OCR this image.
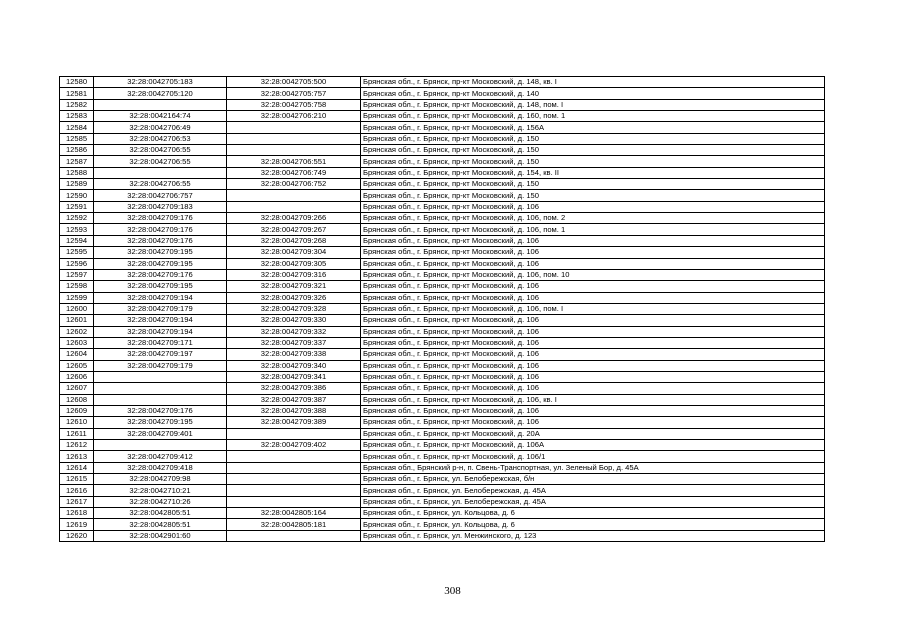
12580	32:28:0042705:183	32:28:0042705:500	Брянская обл., г. Брянск, пр-кт Московский, д. 148, кв. I
12581	32:28:0042705:120	32:28:0042705:757	Брянская обл., г. Брянск, пр-кт Московский, д. 140
12582		32:28:0042705:758	Брянская обл., г. Брянск, пр-кт Московский, д. 148, пом. I
12583	32:28:0042164:74	32:28:0042706:210	Брянская обл., г. Брянск, пр-кт Московский, д. 160, пом. 1
12584	32:28:0042706:49		Брянская обл., г. Брянск, пр-кт Московский, д. 156А
12585	32:28:0042706:53		Брянская обл., г. Брянск, пр-кт Московский, д. 150
12586	32:28:0042706:55		Брянская обл., г. Брянск, пр-кт Московский, д. 150
12587	32:28:0042706:55	32:28:0042706:551	Брянская обл., г. Брянск, пр-кт Московский, д. 150
12588		32:28:0042706:749	Брянская обл., г. Брянск, пр-кт Московский, д. 154, кв. II
12589	32:28:0042706:55	32:28:0042706:752	Брянская обл., г. Брянск, пр-кт Московский, д. 150
12590	32:28:0042706:757		Брянская обл., г. Брянск, пр-кт Московский, д. 150
12591	32:28:0042709:183		Брянская обл., г. Брянск, пр-кт Московский, д. 106
12592	32:28:0042709:176	32:28:0042709:266	Брянская обл., г. Брянск, пр-кт Московский, д. 106, пом. 2
12593	32:28:0042709:176	32:28:0042709:267	Брянская обл., г. Брянск, пр-кт Московский, д. 106, пом. 1
12594	32:28:0042709:176	32:28:0042709:268	Брянская обл., г. Брянск, пр-кт Московский, д. 106
12595	32:28:0042709:195	32:28:0042709:304	Брянская обл., г. Брянск, пр-кт Московский, д. 106
12596	32:28:0042709:195	32:28:0042709:305	Брянская обл., г. Брянск, пр-кт Московский, д. 106
12597	32:28:0042709:176	32:28:0042709:316	Брянская обл., г. Брянск, пр-кт Московский, д. 106, пом. 10
12598	32:28:0042709:195	32:28:0042709:321	Брянская обл., г. Брянск, пр-кт Московский, д. 106
12599	32:28:0042709:194	32:28:0042709:326	Брянская обл., г. Брянск, пр-кт Московский, д. 106
12600	32:28:0042709:179	32:28:0042709:328	Брянская обл., г. Брянск, пр-кт Московский, д. 106, пом. I
12601	32:28:0042709:194	32:28:0042709:330	Брянская обл., г. Брянск, пр-кт Московский, д. 106
12602	32:28:0042709:194	32:28:0042709:332	Брянская обл., г. Брянск, пр-кт Московский, д. 106
12603	32:28:0042709:171	32:28:0042709:337	Брянская обл., г. Брянск, пр-кт Московский, д. 106
12604	32:28:0042709:197	32:28:0042709:338	Брянская обл., г. Брянск, пр-кт Московский, д. 106
12605	32:28:0042709:179	32:28:0042709:340	Брянская обл., г. Брянск, пр-кт Московский, д. 106
12606		32:28:0042709:341	Брянская обл., г. Брянск, пр-кт Московский, д. 106
12607		32:28:0042709:386	Брянская обл., г. Брянск, пр-кт Московский, д. 106
12608		32:28:0042709:387	Брянская обл., г. Брянск, пр-кт Московский, д. 106, кв. I
12609	32:28:0042709:176	32:28:0042709:388	Брянская обл., г. Брянск, пр-кт Московский, д. 106
12610	32:28:0042709:195	32:28:0042709:389	Брянская обл., г. Брянск, пр-кт Московский, д. 106
12611	32:28:0042709:401		Брянская обл., г. Брянск, пр-кт Московский, д. 20А
12612		32:28:0042709:402	Брянская обл., г. Брянск, пр-кт Московский, д. 106А
12613	32:28:0042709:412		Брянская обл., г. Брянск, пр-кт Московский, д. 106/1
12614	32:28:0042709:418		Брянская обл., Брянский р-н, п. Свень-Транспортная, ул. Зеленый Бор, д. 45А
12615	32:28:0042709:98		Брянская обл., г. Брянск, ул. Белобережская, б/н
12616	32:28:0042710:21		Брянская обл., г. Брянск, ул. Белобережская, д. 45А
12617	32:28:0042710:26		Брянская обл., г. Брянск, ул. Белобережская, д. 45А
12618	32:28:0042805:51	32:28:0042805:164	Брянская обл., г. Брянск, ул. Кольцова, д. 6
12619	32:28:0042805:51	32:28:0042805:181	Брянская обл., г. Брянск, ул. Кольцова, д. 6
12620	32:28:0042901:60		Брянская обл., г. Брянск, ул. Менжинского, д. 123
308
